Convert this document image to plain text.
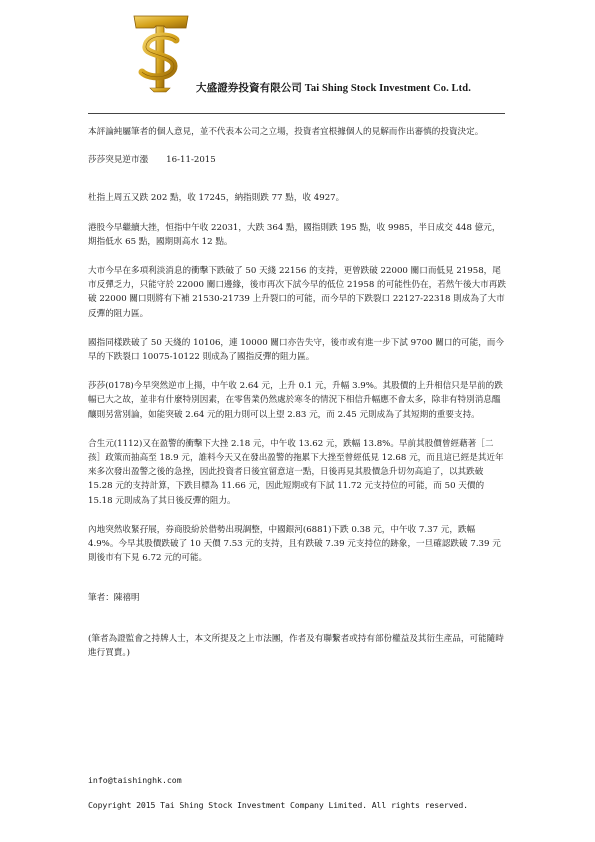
大盛證券投資有限公司 Tai Shing Stock Investment Co. Ltd.

本評論純屬筆者的個人意見，並不代表本公司之立場，投資者宜根據個人的見解而作出審慎的投資決定。

莎莎突見逆市漲 16-11-2015

杜指上周五又跌 202 點，收 17245，納指則跌 77 點，收 4927。

港股今早繼續大挫，恒指中午收 22031，大跌 364 點，國指則跌 195 點，收 9985，半日成交 448 億元，期指低水 65 點，國期則高水 12 點。

大市今早在多項利淡消息的衝擊下跌破了 50 天綫 22156 的支持，更曾跌破 22000 關口而低見 21958，尾市反彈乏力，只能守於 22000 關口邊緣，後市再次下試今早的低位 21958 的可能性仍在，若然午後大市再跌破 22000 關口則將有下補 21530-21739 上升裂口的可能，而今早的下跌裂口 22127-22318 則成為了大市反彈的阻力區。

國指同樣跌破了 50 天綫的 10106，連 10000 關口亦告失守，後市或有進一步下試 9700 關口的可能，而今早的下跌裂口 10075-10122 則成為了國指反彈的阻力區。

莎莎(0178)今早突然逆市上揚，中午收 2.64 元，上升 0.1 元，升幅 3.9%。其股價的上升相信只是早前的跌幅已大之故，並非有什麼特別因素，在零售業仍然處於寒冬的情況下相信升幅應不會太多，除非有特別消息醞釀則另當別論，如能突破 2.64 元的阻力則可以上望 2.83 元，而 2.45 元則成為了其短期的重要支持。

合生元(1112)又在盈警的衝擊下大挫 2.18 元，中午收 13.62 元，跌幅 13.8%。早前其股價曾經藉著［二孩］政策而抽高至 18.9 元，誰料今天又在發出盈警的拖累下大挫至曾經低見 12.68 元，而且這已經是其近年來多次發出盈警之後的急挫，因此投資者日後宜留意這一點，日後再見其股價急升切勿高追了，以其跌破 15.28 元的支持計算，下跌目標為 11.66 元，因此短期或有下試 11.72 元支持位的可能，而 50 天價的 15.18 元則成為了其日後反彈的阻力。

內地突然收緊孖展，券商股紛於借勢出現調整，中國銀河(6881)下跌 0.38 元，中午收 7.37 元，跌幅 4.9%。今早其股價跌破了 10 天價 7.53 元的支持，且有跌破 7.39 元支持位的跡象，一旦確認跌破 7.39 元則後市有下見 6.72 元的可能。

筆者：陳禧明

(筆者為證監會之持牌人士，本文所提及之上市法團，作者及有聯繫者或持有部份權益及其衍生產品，可能隨時進行買賣。)

info@taishinghk.com
Copyright 2015 Tai Shing Stock Investment Company Limited. All rights reserved.
